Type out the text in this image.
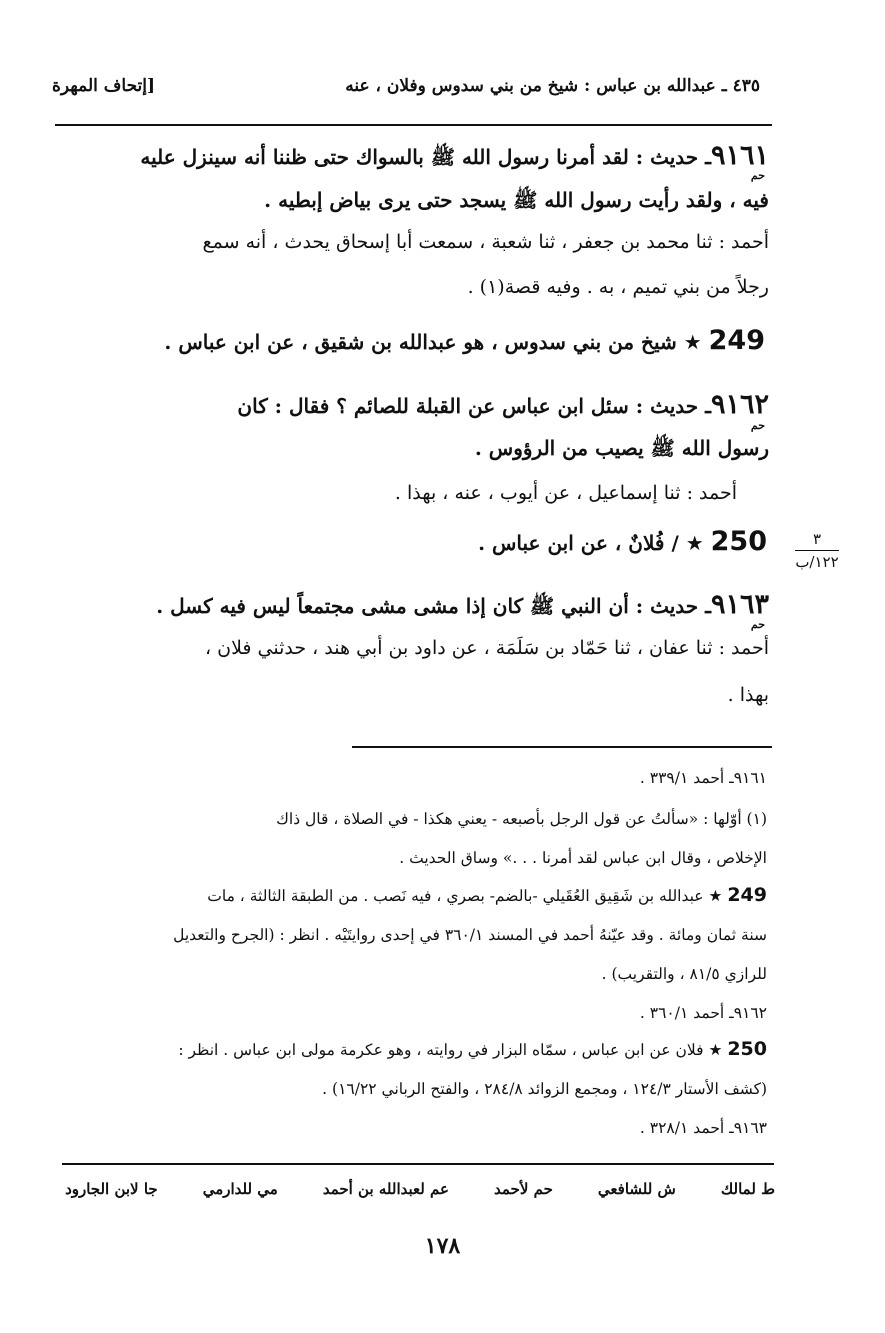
[إتحاف المهرة	٤٣٥ ـ عبدالله بن عباس : شيخ من بني سدوس وفلان ، عنه
٩١٦١ـ حديث : لقد أمرنا رسول الله ﷺ بالسواك حتى ظننا أنه سينزل عليه
حم
فيه ، ولقد رأيت رسول الله ﷺ يسجد حتى يرى بياض إبطيه .
أحمد : ثنا محمد بن جعفر ، ثنا شعبة ، سمعت أبا إسحاق يحدث ، أنه سمع
رجلاً من بني تميم ، به . وفيه قصة(١) .
249 ★ شيخ من بني سدوس ، هو عبدالله بن شقيق ، عن ابن عباس .
٩١٦٢ـ حديث : سئل ابن عباس عن القبلة للصائم ؟ فقال : كان
حم
رسول الله ﷺ يصيب من الرؤوس .
أحمد : ثنا إسماعيل ، عن أيوب ، عنه ، بهذا .
250 ★ / فُلانٌ ، عن ابن عباس .	٣
١٢٢/ب
٩١٦٣ـ حديث : أن النبي ﷺ كان إذا مشى مشى مجتمعاً ليس فيه كسل .
حم
أحمد : ثنا عفان ، ثنا حَمّاد بن سَلَمَة ، عن داود بن أبي هند ، حدثني فلان ،
بهذا .
٩١٦١ـ أحمد ٣٣٩/١ .
(١) أوّلها : «سألتُ عن قول الرجل بأصبعه - يعني هكذا - في الصلاة ، قال ذاك
الإخلاص ، وقال ابن عباس لقد أمرنا . . .» وساق الحديث .
249 ★ عبدالله بن شَقِيق العُقَيلي -بالضم- بصري ، فيه نَصب . من الطبقة الثالثة ، مات
سنة ثمان ومائة . وقد عيّنهُ أحمد في المسند ٣٦٠/١ في إحدى روايتَيْه . انظر : (الجرح والتعديل
للرازي ٨١/٥ ، والتقريب) .
٩١٦٢ـ أحمد ٣٦٠/١ .
250 ★ فلان عن ابن عباس ، سمّاه البزار في روايته ، وهو عكرمة مولى ابن عباس . انظر :
(كشف الأستار ١٢٤/٣ ، ومجمع الزوائد ٢٨٤/٨ ، والفتح الرباني ١٦/٢٢) .
٩١٦٣ـ أحمد ٣٢٨/١ .
ط لمالك
ش للشافعي
حم لأحمد
عم لعبدالله بن أحمد
مي للدارمي
جا لابن الجارود
١٧٨
